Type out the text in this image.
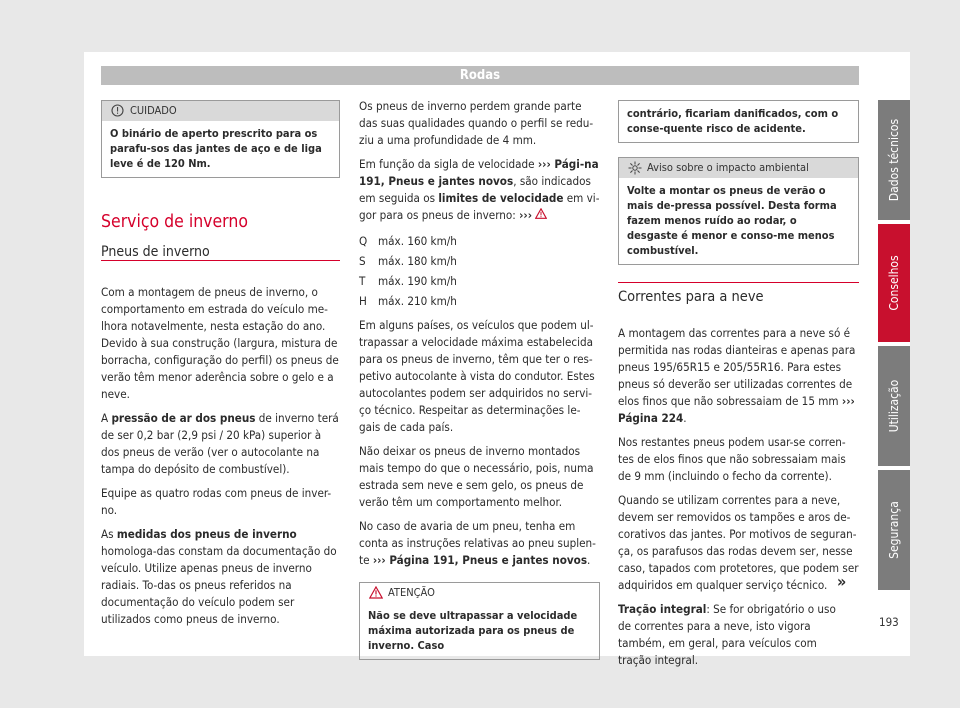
Rodas
CUIDADO
O binário de aperto prescrito para os parafu-sos das jantes de aço e de liga leve é de 120 Nm.
Serviço de inverno
Pneus de inverno

Com a montagem de pneus de inverno, o comportamento em estrada do veículo me-lhora notavelmente, nesta estação do ano. Devido à sua construção (largura, mistura de borracha, configuração do perfil) os pneus de verão têm menor aderência sobre o gelo e a neve.

A pressão de ar dos pneus de inverno terá de ser 0,2 bar (2,9 psi / 20 kPa) superior à dos pneus de verão (ver o autocolante na tampa do depósito de combustível).

Equipe as quatro rodas com pneus de inver-no.

As medidas dos pneus de inverno homologa-das constam da documentação do veículo. Utilize apenas pneus de inverno radiais. To-das os pneus referidos na documentação do veículo podem ser utilizados como pneus de inverno.

Os pneus de inverno perdem grande parte das suas qualidades quando o perfil se redu-ziu a uma profundidade de 4 mm.

Em função da sigla de velocidade ››› Pági-na 191, Pneus e jantes novos, são indicados em seguida os limites de velocidade em vi-gor para os pneus de inverno: ›››

Q máx. 160 km/h
S	máx. 180 km/h
T	máx. 190 km/h
H máx. 210 km/h

Em alguns países, os veículos que podem ul-trapassar a velocidade máxima estabelecida para os pneus de inverno, têm que ter o res-petivo autocolante à vista do condutor. Estes autocolantes podem ser adquiridos no servi-ço técnico. Respeitar as determinações le-gais de cada país.

Não deixar os pneus de inverno montados mais tempo do que o necessário, pois, numa estrada sem neve e sem gelo, os pneus de verão têm um comportamento melhor.

No caso de avaria de um pneu, tenha em conta as instruções relativas ao pneu suplen-te ››› Página 191, Pneus e jantes novos.

ATENÇÃO
Não se deve ultrapassar a velocidade máxima autorizada para os pneus de inverno. Caso
contrário, ficariam danificados, com o conse-quente risco de acidente.
Aviso sobre o impacto ambiental
Volte a montar os pneus de verão o mais de-pressa possível. Desta forma fazem menos ruído ao rodar, o desgaste é menor e conso-me menos combustível.
Correntes para a neve

A montagem das correntes para a neve só é permitida nas rodas dianteiras e apenas para pneus 195/65R15 e 205/55R16. Para estes pneus só deverão ser utilizadas correntes de elos finos que não sobressaiam de 15 mm ››› Página 224.

Nos restantes pneus podem usar-se corren-tes de elos finos que não sobressaiam mais de 9 mm (incluindo o fecho da corrente).

Quando se utilizam correntes para a neve, devem ser removidos os tampões e aros de-corativos das jantes. Por motivos de seguran-ça, os parafusos das rodas devem ser, nesse caso, tapados com protetores, que podem ser adquiridos em qualquer serviço técnico.

Tração integral: Se for obrigatório o uso de correntes para a neve, isto vigora também, em geral, para veículos com tração integral.

»
Dados técnicos
Conselhos
Utilização
Segurança
193
